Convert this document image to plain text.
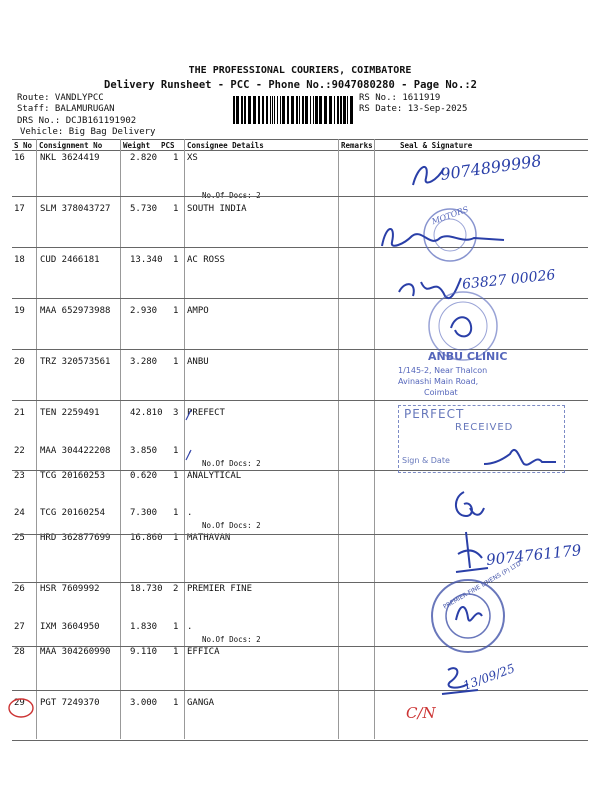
THE PROFESSIONAL COURIERS, COIMBATORE
Delivery Runsheet - PCC - Phone No.:9047080280 - Page No.:2
Route: VANDLYPCC
Staff: BALAMURUGAN
DRS No.: DCJB161191902
Vehicle: Big Bag Delivery
RS No.: 1611919
RS Date: 13-Sep-2025
S No Consignment No	Weight PCS Consignee Details	Remarks	Seal & Signature
16 NKL 3624419	2.820 1 XS
No.Of Docs: 2
17 SLM 378043727 5.730 1 SOUTH INDIA
18 CUD 2466181	13.340 1 AC ROSS
19 MAA 652973988 2.930 1 AMPO
20 TRZ 320573561 3.280 1 ANBU
21 TEN 2259491	42.810 3 PREFECT
22 MAA 304422208 3.850 1 .
No.Of Docs: 2
23 TCG 20160253	0.620 1 ANALYTICAL
24 TCG 20160254	7.300 1 .
No.Of Docs: 2
25 HRD 362877699 16.860 1 MATHAVAN
26 HSR 7609992	18.730 2 PREMIER FINE
27 IXM 3604950	1.830 1 .
No.Of Docs: 2
28 MAA 304260990 9.110 1 EFFICA
29 PGT 7249370	3.000 1 GANGA
9074899998
MOTORS
63827 00026
ANBU CLINIC
1/145-2, Near Thalcon
Avinashi Main Road,
Coimbat
PERFECT
RECEIVED
Sign & Date
9074761179
PREMIER FINE LINENS (P) LTD
13/09/25
C/N
